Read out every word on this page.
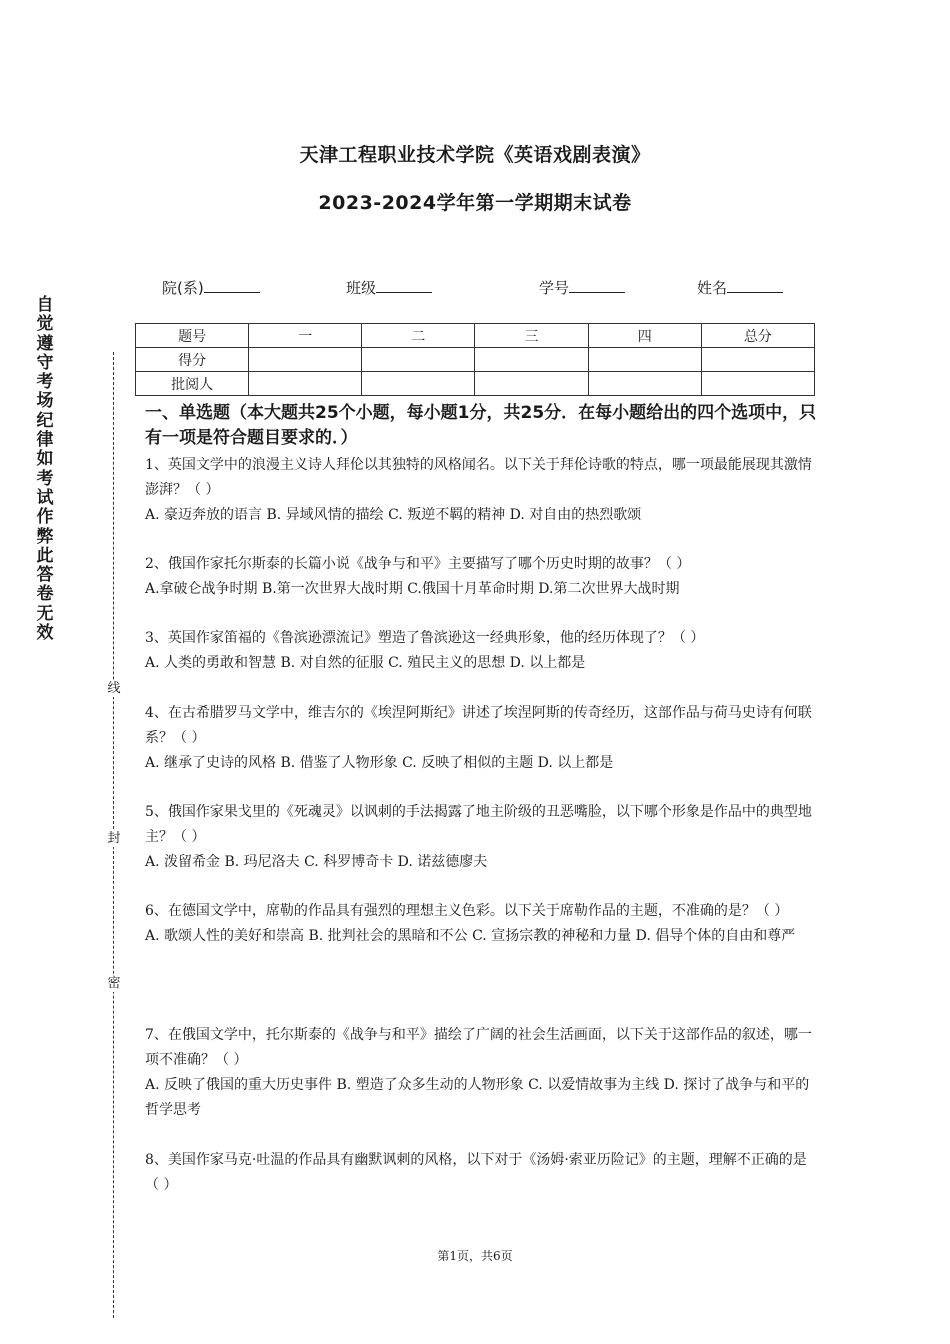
天津工程职业技术学院《英语戏剧表演》
2023-2024学年第一学期期末试卷
院(系)	班级	学号	姓名
题号	一	二	三	四	总分
得分					
批阅人					
自觉遵守考场纪律如考试作弊此答卷无效
线
封
密
一、单选题（本大题共25个小题，每小题1分，共25分．在每小题给出的四个选项中，只有一项是符合题目要求的．）

1、英国文学中的浪漫主义诗人拜伦以其独特的风格闻名。以下关于拜伦诗歌的特点，哪一项最能展现其激情澎湃？（ ）

A. 豪迈奔放的语言 B. 异域风情的描绘 C. 叛逆不羁的精神 D. 对自由的热烈歌颂

2、俄国作家托尔斯泰的长篇小说《战争与和平》主要描写了哪个历史时期的故事？（ ）

A.拿破仑战争时期 B.第一次世界大战时期 C.俄国十月革命时期 D.第二次世界大战时期

3、英国作家笛福的《鲁滨逊漂流记》塑造了鲁滨逊这一经典形象，他的经历体现了？（ ）

A. 人类的勇敢和智慧 B. 对自然的征服 C. 殖民主义的思想 D. 以上都是

4、在古希腊罗马文学中，维吉尔的《埃涅阿斯纪》讲述了埃涅阿斯的传奇经历，这部作品与荷马史诗有何联系？（ ）

A. 继承了史诗的风格 B. 借鉴了人物形象 C. 反映了相似的主题 D. 以上都是

5、俄国作家果戈里的《死魂灵》以讽刺的手法揭露了地主阶级的丑恶嘴脸，以下哪个形象是作品中的典型地主？（ ）

A. 泼留希金 B. 玛尼洛夫 C. 科罗博奇卡 D. 诺兹德廖夫

6、在德国文学中，席勒的作品具有强烈的理想主义色彩。以下关于席勒作品的主题，不准确的是？（ ）

A. 歌颂人性的美好和崇高 B. 批判社会的黑暗和不公 C. 宣扬宗教的神秘和力量 D. 倡导个体的自由和尊严

7、在俄国文学中，托尔斯泰的《战争与和平》描绘了广阔的社会生活画面，以下关于这部作品的叙述，哪一项不准确？（ ）

A. 反映了俄国的重大历史事件 B. 塑造了众多生动的人物形象 C. 以爱情故事为主线 D. 探讨了战争与和平的哲学思考

8、美国作家马克·吐温的作品具有幽默讽刺的风格，以下对于《汤姆·索亚历险记》的主题，理解不正确的是（ ）

第1页，共6页
